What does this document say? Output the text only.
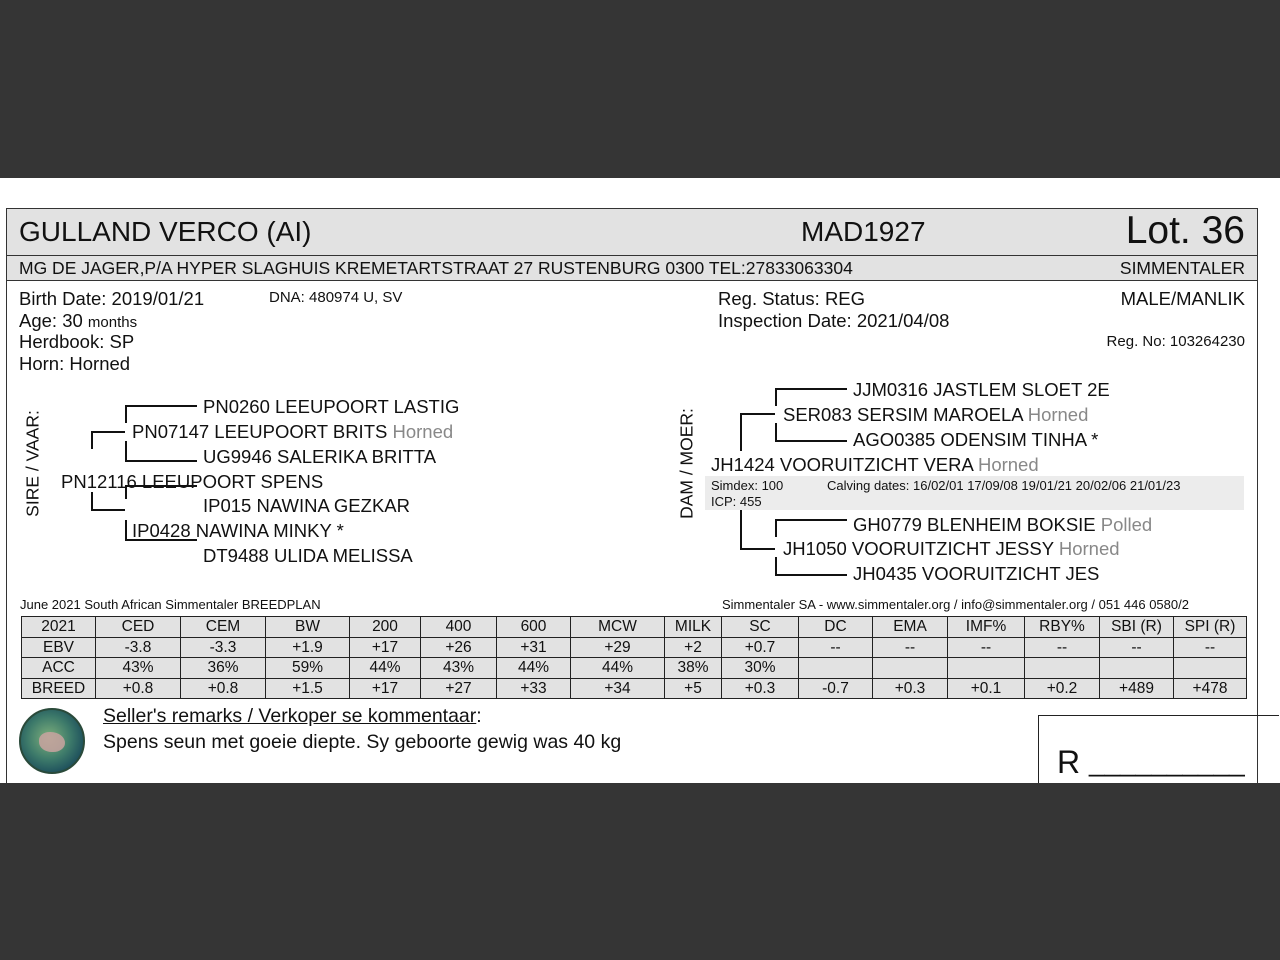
GULLAND VERCO (AI)	MAD1927	Lot. 36
MG DE JAGER,P/A HYPER SLAGHUIS KREMETARTSTRAAT 27 RUSTENBURG 0300 TEL:27833063304	SIMMENTALER
Birth Date: 2019/01/21	DNA: 480974 U, SV
Age: 30 months
Herdbook: SP
Horn: Horned
Reg. Status: REG
Inspection Date: 2021/04/08
MALE/MANLIK
Reg. No: 103264230
SIRE / VAAR:
PN0260 LEEUPOORT LASTIG
PN07147 LEEUPOORT BRITS Horned
UG9946 SALERIKA BRITTA
PN12116 LEEUPOORT SPENS
IP015 NAWINA GEZKAR
IP0428 NAWINA MINKY *
DT9488 ULIDA MELISSA
DAM / MOER:
JJM0316 JASTLEM SLOET 2E
SER083 SERSIM MAROELA Horned
AGO0385 ODENSIM TINHA *
JH1424 VOORUITZICHT VERA Horned
Simdex: 100	Calving dates: 16/02/01 17/09/08 19/01/21 20/02/06 21/01/23
ICP: 455
GH0779 BLENHEIM BOKSIE Polled
JH1050 VOORUITZICHT JESSY Horned
JH0435 VOORUITZICHT JES
June 2021 South African Simmentaler BREEDPLAN	Simmentaler SA - www.simmentaler.org / info@simmentaler.org / 051 446 0580/2
2021	CED	CEM	BW	200	400	600	MCW	MILK	SC	DC	EMA	IMF%	RBY%	SBI (R)	SPI (R)
EBV	-3.8	-3.3	+1.9	+17	+26	+31	+29	+2	+0.7	--	--	--	--	--	--
ACC	43%	36%	59%	44%	43%	44%	44%	38%	30%						
BREED	+0.8	+0.8	+1.5	+17	+27	+33	+34	+5	+0.3	-0.7	+0.3	+0.1	+0.2	+489	+478
Seller's remarks / Verkoper se kommentaar:
Spens seun met goeie diepte. Sy geboorte gewig was 40 kg
R __________
